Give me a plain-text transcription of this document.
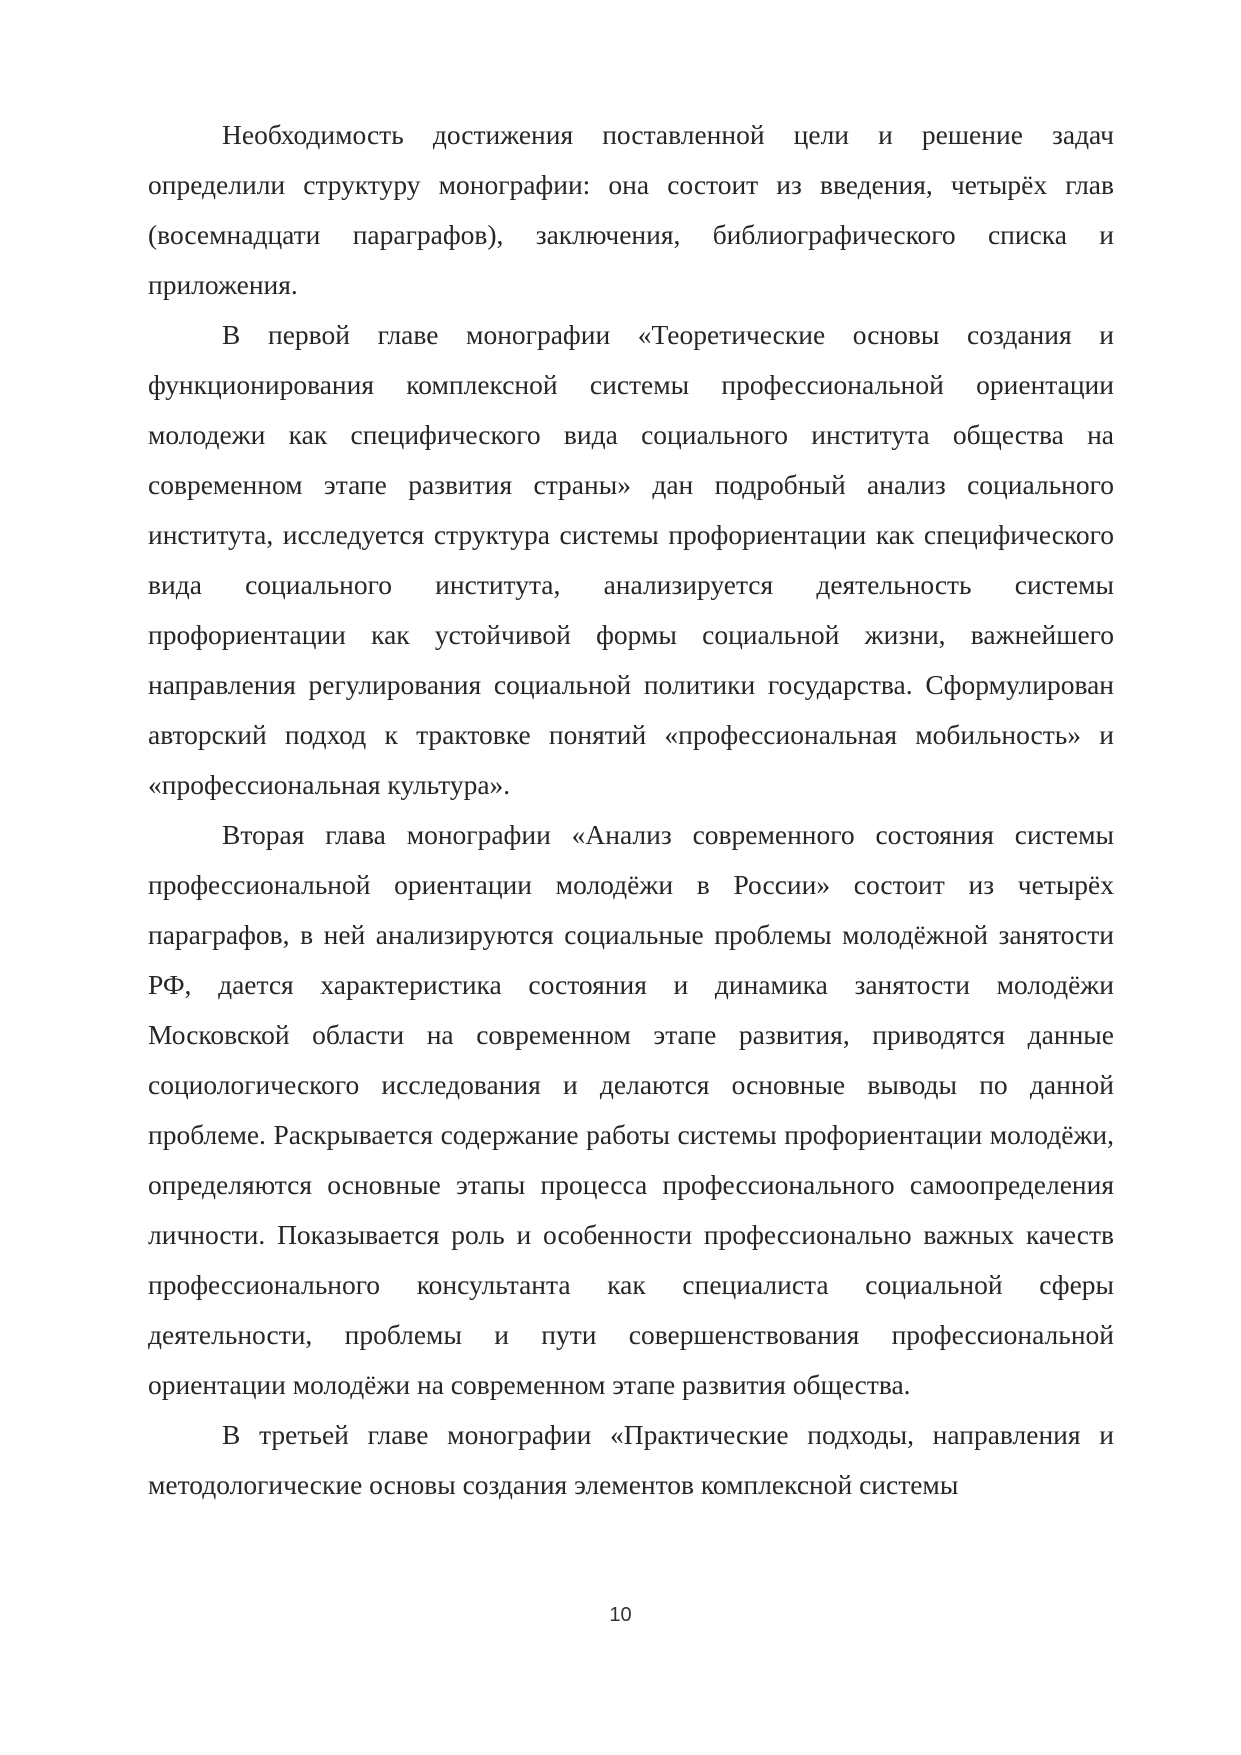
Необходимость достижения поставленной цели и решение задач определили структуру монографии: она состоит из введения, четырёх глав (восемнадцати параграфов), заключения, библиографического списка и приложения.

В первой главе монографии «Теоретические основы создания и функционирования комплексной системы профессиональной ориентации молодежи как специфического вида социального института общества на современном этапе развития страны» дан подробный анализ социального института, исследуется структура системы профориентации как специфического вида социального института, анализируется деятельность системы профориентации как устойчивой формы социальной жизни, важнейшего направления регулирования социальной политики государства. Сформулирован авторский подход к трактовке понятий «профессиональная мобильность» и «профессиональная культура».

Вторая глава монографии «Анализ современного состояния системы профессиональной ориентации молодёжи в России» состоит из четырёх параграфов, в ней анализируются социальные проблемы молодёжной занятости РФ, дается характеристика состояния и динамика занятости молодёжи Московской области на современном этапе развития, приводятся данные социологического исследования и делаются основные выводы по данной проблеме. Раскрывается содержание работы системы профориентации молодёжи, определяются основные этапы процесса профессионального самоопределения личности. Показывается роль и особенности профессионально важных качеств профессионального консультанта как специалиста социальной сферы деятельности, проблемы и пути совершенствования профессиональной ориентации молодёжи на современном этапе развития общества.

В третьей главе монографии «Практические подходы, направления и методологические основы создания элементов комплексной системы

10
